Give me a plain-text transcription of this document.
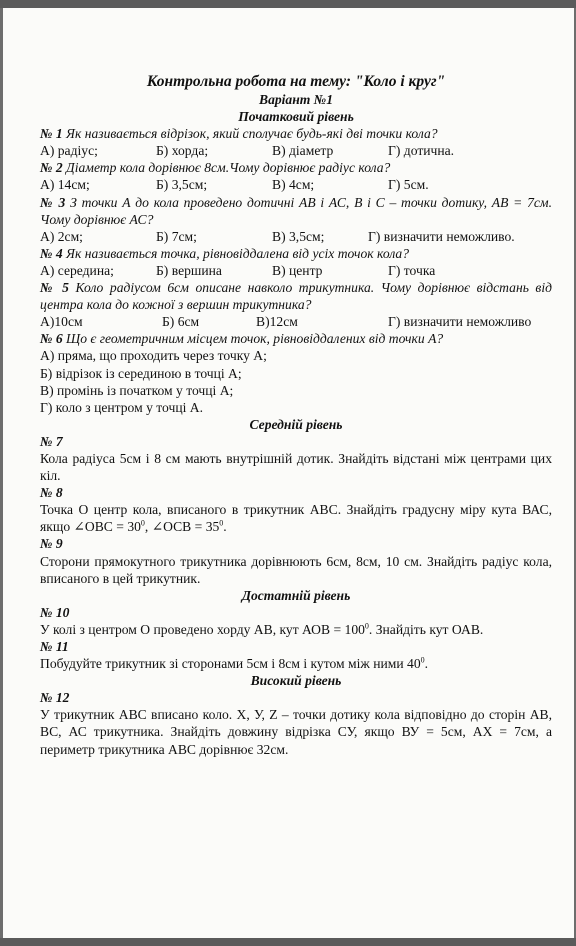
Контрольна робота на тему: "Коло і круг"
Варіант №1
Початковий рівень
№ 1 Як називається відрізок, який сполучає будь-які дві точки кола?
А) радіус;	Б) хорда;	В) діаметр	Г) дотична.
№ 2 Діаметр кола дорівнює 8см.Чому дорівнює радіус кола?
А) 14см;	Б) 3,5см;	В) 4см;	Г) 5см.
№ 3 З точки А до кола проведено дотичні АВ і АС, В і С – точки дотику, АВ = 7см. Чому дорівнює АС?
А) 2см;	Б) 7см;	В) 3,5см;	Г) визначити неможливо.
№ 4 Як називається точка, рівновіддалена від усіх точок кола?
А) середина;	Б) вершина	В) центр	Г) точка
№ 5 Коло радіусом 6см описане навколо трикутника. Чому дорівнює відстань від центра кола до кожної з вершин трикутника?
А)10см	Б) 6см	В)12см	Г) визначити неможливо
№ 6 Що є геометричним місцем точок, рівновіддалених від точки А?
А) пряма, що проходить через точку А;
Б) відрізок із серединою в точці А;
В) промінь із початком у точці А;
Г) коло з центром у точці А.
Середній рівень
№ 7
Кола радіуса 5см і 8 см мають внутрішній дотик. Знайдіть відстані між центрами цих кіл.
№ 8
Точка О центр кола, вписаного в трикутник АВС. Знайдіть градусну міру кута ВАС, якщо ∠ОВС = $30^0$, ∠ОСВ = $35^0$.
№ 9
Сторони прямокутного трикутника дорівнюють 6см, 8см, 10 см. Знайдіть радіус кола, вписаного в цей трикутник.
Достатній рівень
№ 10
У колі з центром О проведено хорду АВ, кут АОВ = $100^0$. Знайдіть кут ОАВ.
№ 11
Побудуйте трикутник зі сторонами 5см і 8см і кутом між ними $40^0$.
Високий рівень
№ 12
У трикутник АВС вписано коло. Х, У, Z – точки дотику кола відповідно до сторін АВ, ВС, АС трикутника. Знайдіть довжину відрізка СУ, якщо ВУ = 5см, АХ = 7см, а периметр трикутника АВС дорівнює 32см.
